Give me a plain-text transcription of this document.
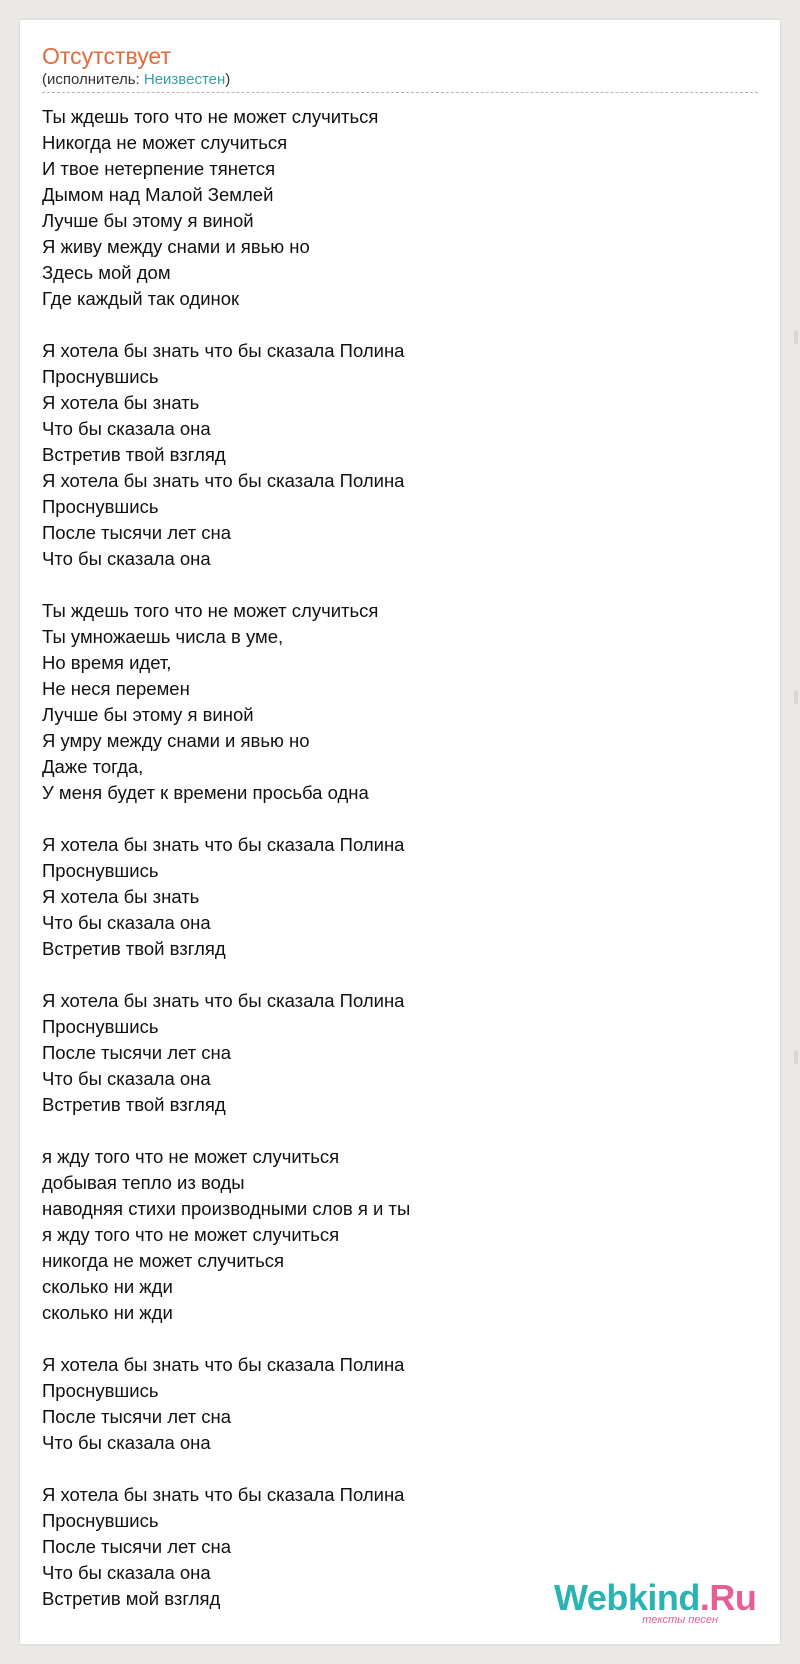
Отсутствует
(исполнитель: Неизвестен)
Ты ждешь того что не может случиться
Никогда не может случиться
И твое нетерпение тянется
Дымом над Малой Землей
Лучше бы этому я виной
Я живу между снами и явью но
Здесь мой дом
Где каждый так одинок
Я хотела бы знать что бы сказала Полина
Проснувшись
Я хотела бы знать
Что бы сказала она
Встретив твой взгляд
Я хотела бы знать что бы сказала Полина
Проснувшись
После тысячи лет сна
Что бы сказала она
Ты ждешь того что не может случиться
Ты умножаешь числа в уме,
Но время идет,
Не неся перемен
Лучше бы этому я виной
Я умру между снами и явью но
Даже тогда,
У меня будет к времени просьба одна
Я хотела бы знать что бы сказала Полина
Проснувшись
Я хотела бы знать
Что бы сказала она
Встретив твой взгляд
Я хотела бы знать что бы сказала Полина
Проснувшись
После тысячи лет сна
Что бы сказала она
Встретив твой взгляд
я жду того что не может случиться
добывая тепло из воды
наводняя стихи производными слов я и ты
я жду того что не может случиться
никогда не может случиться
сколько ни жди
сколько ни жди
Я хотела бы знать что бы сказала Полина
Проснувшись
После тысячи лет сна
Что бы сказала она
Я хотела бы знать что бы сказала Полина
Проснувшись
После тысячи лет сна
Что бы сказала она
Встретив мой взгляд	Webkind.Ru
тексты песен
